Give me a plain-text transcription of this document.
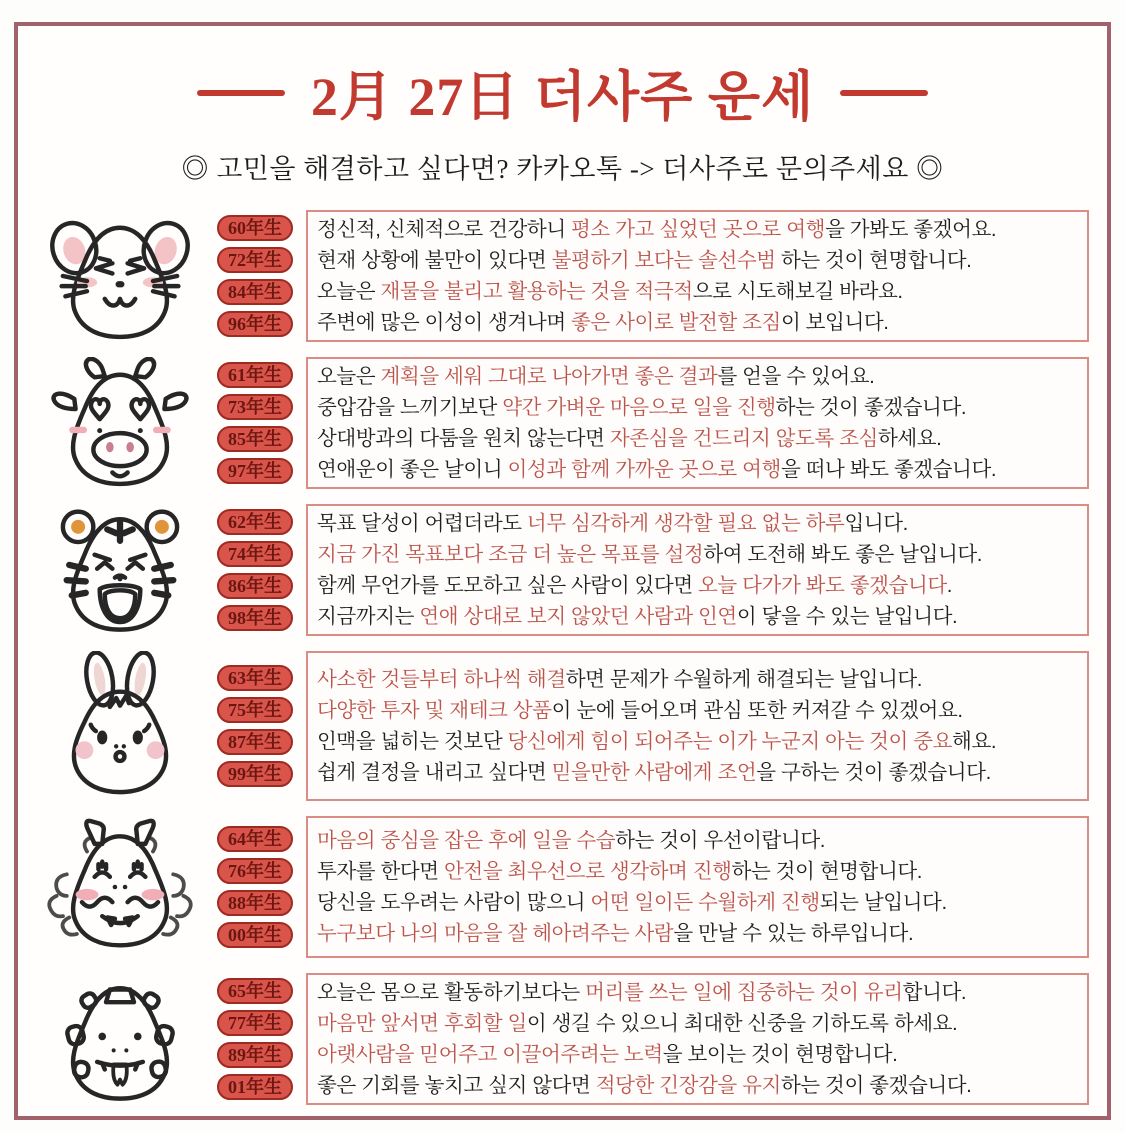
2月 27日 더사주 운세
◎ 고민을 해결하고 싶다면? 카카오톡 -> 더사주로 문의주세요 ◎
60年生
72年生
84年生
96年生
정신적, 신체적으로 건강하니 평소 가고 싶었던 곳으로 여행을 가봐도 좋겠어요.
현재 상황에 불만이 있다면 불평하기 보다는 솔선수범 하는 것이 현명합니다.
오늘은 재물을 불리고 활용하는 것을 적극적으로 시도해보길 바라요.
주변에 많은 이성이 생겨나며 좋은 사이로 발전할 조짐이 보입니다.
61年生
73年生
85年生
97年生
오늘은 계획을 세워 그대로 나아가면 좋은 결과를 얻을 수 있어요.
중압감을 느끼기보단 약간 가벼운 마음으로 일을 진행하는 것이 좋겠습니다.
상대방과의 다툼을 원치 않는다면 자존심을 건드리지 않도록 조심하세요.
연애운이 좋은 날이니 이성과 함께 가까운 곳으로 여행을 떠나 봐도 좋겠습니다.
62年生
74年生
86年生
98年生
목표 달성이 어렵더라도 너무 심각하게 생각할 필요 없는 하루입니다.
지금 가진 목표보다 조금 더 높은 목표를 설정하여 도전해 봐도 좋은 날입니다.
함께 무언가를 도모하고 싶은 사람이 있다면 오늘 다가가 봐도 좋겠습니다.
지금까지는 연애 상대로 보지 않았던 사람과 인연이 닿을 수 있는 날입니다.
63年生
75年生
87年生
99年生
사소한 것들부터 하나씩 해결하면 문제가 수월하게 해결되는 날입니다.
다양한 투자 및 재테크 상품이 눈에 들어오며 관심 또한 커져갈 수 있겠어요.
인맥을 넓히는 것보단 당신에게 힘이 되어주는 이가 누군지 아는 것이 중요해요.
쉽게 결정을 내리고 싶다면 믿을만한 사람에게 조언을 구하는 것이 좋겠습니다.
64年生
76年生
88年生
00年生
마음의 중심을 잡은 후에 일을 수습하는 것이 우선이랍니다.
투자를 한다면 안전을 최우선으로 생각하며 진행하는 것이 현명합니다.
당신을 도우려는 사람이 많으니 어떤 일이든 수월하게 진행되는 날입니다.
누구보다 나의 마음을 잘 헤아려주는 사람을 만날 수 있는 하루입니다.
65年生
77年生
89年生
01年生
오늘은 몸으로 활동하기보다는 머리를 쓰는 일에 집중하는 것이 유리합니다.
마음만 앞서면 후회할 일이 생길 수 있으니 최대한 신중을 기하도록 하세요.
아랫사람을 믿어주고 이끌어주려는 노력을 보이는 것이 현명합니다.
좋은 기회를 놓치고 싶지 않다면 적당한 긴장감을 유지하는 것이 좋겠습니다.
